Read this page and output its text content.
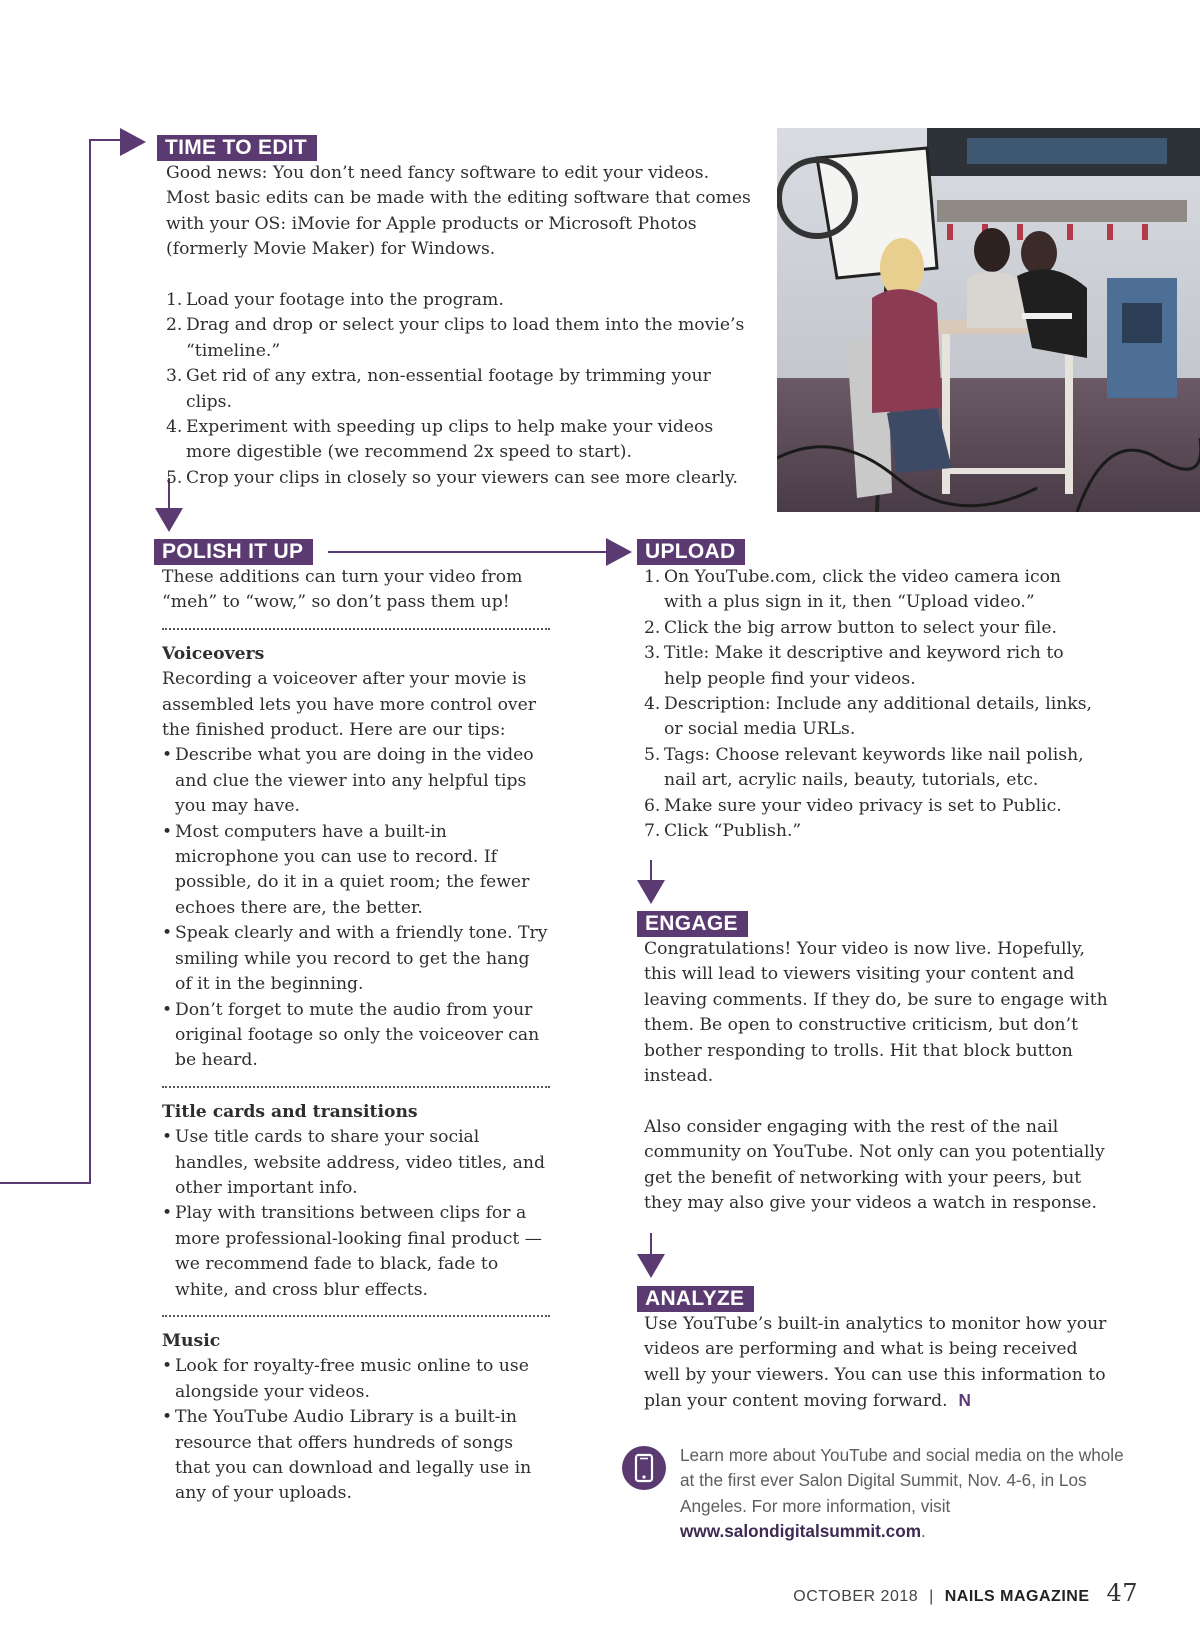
TIME TO EDIT

Good news: You don’t need fancy software to edit your videos. Most basic edits can be made with the editing software that comes with your OS: iMovie for Apple products or Microsoft Photos (formerly Movie Maker) for Windows.

1. Load your footage into the program.
2. Drag and drop or select your clips to load them into the movie’s “timeline.”
3. Get rid of any extra, non-essential footage by trimming your clips.
4. Experiment with speeding up clips to help make your videos more digestible (we recommend 2x speed to start).
5. Crop your clips in closely so your viewers can see more clearly.
POLISH IT UP

These additions can turn your video from “meh” to “wow,” so don’t pass them up!

Voiceovers

Recording a voiceover after your movie is assembled lets you have more control over the finished product. Here are our tips:

• Describe what you are doing in the video and clue the viewer into any helpful tips you may have.
• Most computers have a built-in microphone you can use to record. If possible, do it in a quiet room; the fewer echoes there are, the better.
• Speak clearly and with a friendly tone. Try smiling while you record to get the hang of it in the beginning.
• Don’t forget to mute the audio from your original footage so only the voiceover can be heard.

Title cards and transitions

• Use title cards to share your social handles, website address, video titles, and other important info.
• Play with transitions between clips for a more professional-looking final product — we recommend fade to black, fade to white, and cross blur effects.

Music

• Look for royalty-free music online to use alongside your videos.
• The YouTube Audio Library is a built-in resource that offers hundreds of songs that you can download and legally use in any of your uploads.
UPLOAD
1. On YouTube.com, click the video camera icon with a plus sign in it, then “Upload video.”
2. Click the big arrow button to select your file.
3. Title: Make it descriptive and keyword rich to help people find your videos.
4. Description: Include any additional details, links, or social media URLs.
5. Tags: Choose relevant keywords like nail polish, nail art, acrylic nails, beauty, tutorials, etc.
6. Make sure your video privacy is set to Public.
7. Click “Publish.”
ENGAGE

Congratulations! Your video is now live. Hopefully, this will lead to viewers visiting your content and leaving comments. If they do, be sure to engage with them. Be open to constructive criticism, but don’t bother responding to trolls. Hit that block button instead.

Also consider engaging with the rest of the nail community on YouTube. Not only can you potentially get the benefit of networking with your peers, but they may also give your videos a watch in response.

ANALYZE

Use YouTube’s built-in analytics to monitor how your videos are performing and what is being received well by your viewers. You can use this information to plan your content moving forward. N

Learn more about YouTube and social media on the whole at the first ever Salon Digital Summit, Nov. 4-6, in Los Angeles. For more information, visit www.salondigitalsummit.com.
OCTOBER 2018 | NAILS MAGAZINE 47
